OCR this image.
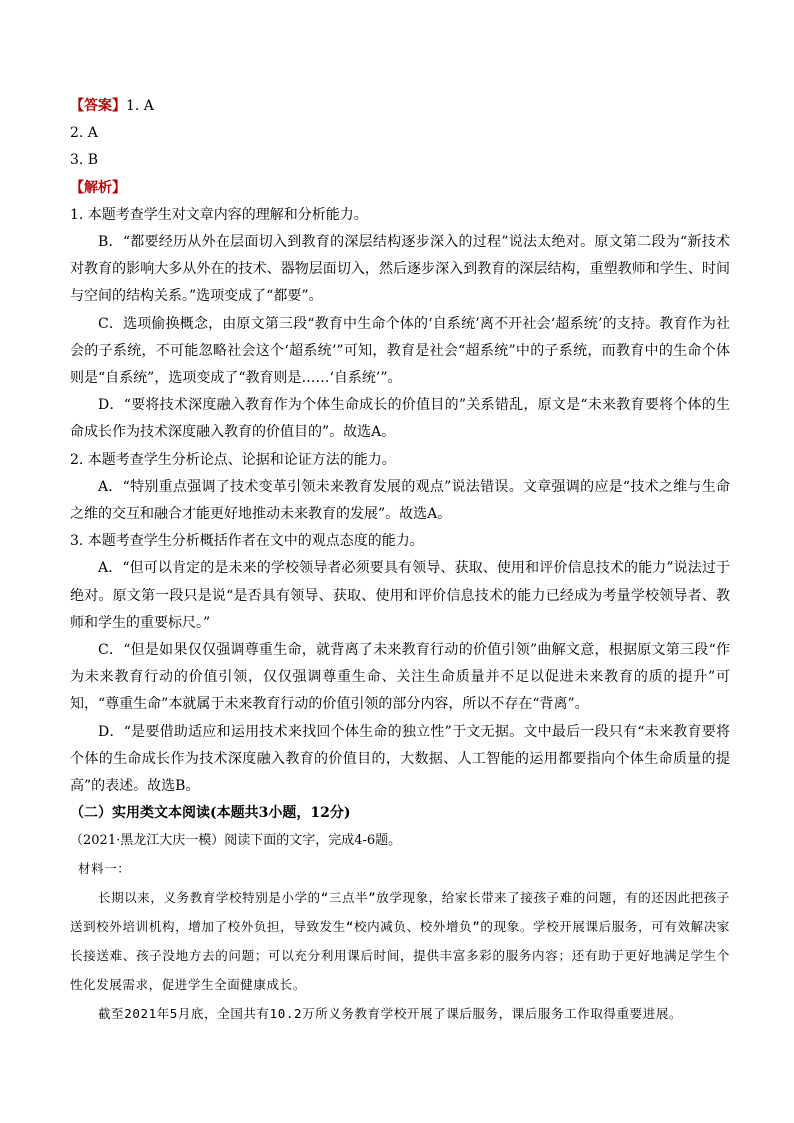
【答案】1. A
2. A
3. B
【解析】

1. 本题考查学生对文章内容的理解和分析能力。

B．“都要经历从外在层面切入到教育的深层结构逐步深入的过程”说法太绝对。原文第二段为“新技术对教育的影响大多从外在的技术、器物层面切入，然后逐步深入到教育的深层结构，重塑教师和学生、时间与空间的结构关系。”选项变成了“都要”。

C．选项偷换概念，由原文第三段“教育中生命个体的‘自系统’离不开社会‘超系统’的支持。教育作为社会的子系统，不可能忽略社会这个‘超系统’”可知，教育是社会“超系统”中的子系统，而教育中的生命个体则是“自系统”，选项变成了“教育则是……‘自系统’”。

D．“要将技术深度融入教育作为个体生命成长的价值目的”关系错乱，原文是“未来教育要将个体的生命成长作为技术深度融入教育的价值目的”。故选A。

2. 本题考查学生分析论点、论据和论证方法的能力。

A．“特别重点强调了技术变革引领未来教育发展的观点”说法错误。文章强调的应是“技术之维与生命之维的交互和融合才能更好地推动未来教育的发展”。故选A。

3. 本题考查学生分析概括作者在文中的观点态度的能力。

A．“但可以肯定的是未来的学校领导者必须要具有领导、获取、使用和评价信息技术的能力”说法过于绝对。原文第一段只是说“是否具有领导、获取、使用和评价信息技术的能力已经成为考量学校领导者、教师和学生的重要标尺。”

C．“但是如果仅仅强调尊重生命，就背离了未来教育行动的价值引领”曲解文意，根据原文第三段“作为未来教育行动的价值引领，仅仅强调尊重生命、关注生命质量并不足以促进未来教育的质的提升”可知，“尊重生命”本就属于未来教育行动的价值引领的部分内容，所以不存在“背离”。

D．“是要借助适应和运用技术来找回个体生命的独立性”于文无据。文中最后一段只有“未来教育要将个体的生命成长作为技术深度融入教育的价值目的，大数据、人工智能的运用都要指向个体生命质量的提高”的表述。故选B。

（二）实用类文本阅读(本题共3小题，12分)
（2021·黑龙江大庆一模）阅读下面的文字，完成4-6题。
材料一：

长期以来，义务教育学校特别是小学的“三点半”放学现象，给家长带来了接孩子难的问题，有的还因此把孩子送到校外培训机构，增加了校外负担，导致发生“校内减负、校外增负”的现象。学校开展课后服务，可有效解决家长接送难、孩子没地方去的问题；可以充分利用课后时间，提供丰富多彩的服务内容；还有助于更好地满足学生个性化发展需求，促进学生全面健康成长。

截至2021年5月底，全国共有10.2万所义务教育学校开展了课后服务，课后服务工作取得重要进展。
